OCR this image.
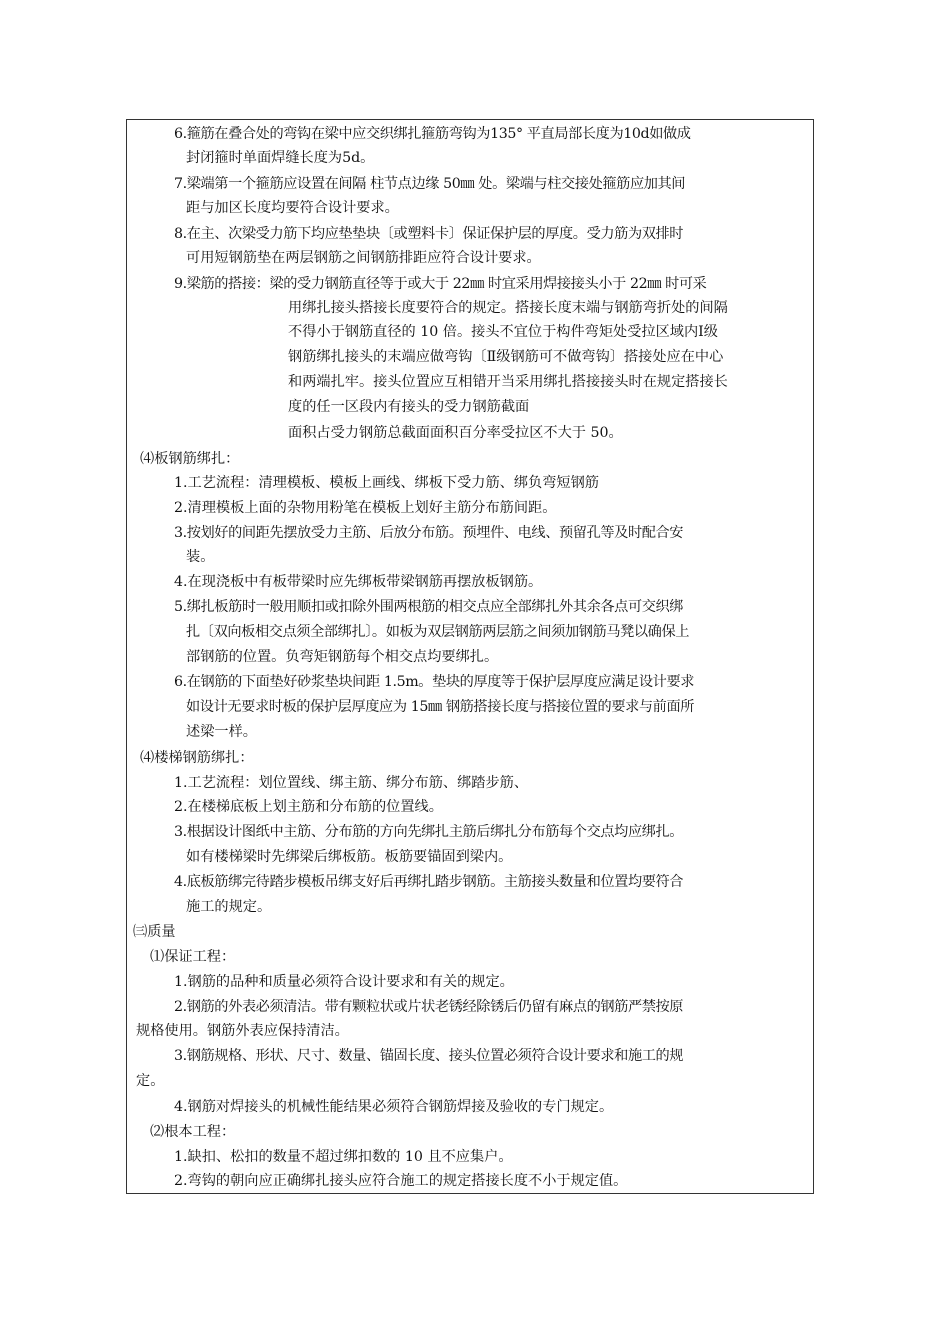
6.箍筋在叠合处的弯钩在梁中应交织绑扎箍筋弯钩为135° 平直局部长度为10d如做成
封闭箍时单面焊缝长度为5d。
7.梁端第一个箍筋应设置在间隔 柱节点边缘 50㎜ 处。梁端与柱交接处箍筋应加其间
距与加区长度均要符合设计要求。
8.在主、次梁受力筋下均应垫垫块〔或塑料卡〕保证保护层的厚度。受力筋为双排时
可用短钢筋垫在两层钢筋之间钢筋排距应符合设计要求。
9.梁筋的搭接：梁的受力钢筋直径等于或大于 22㎜ 时宜采用焊接接头小于 22㎜ 时可采
用绑扎接头搭接长度要符合的规定。搭接长度末端与钢筋弯折处的间隔
不得小于钢筋直径的 10 倍。接头不宜位于构件弯矩处受拉区域内Ⅰ级
钢筋绑扎接头的末端应做弯钩〔Ⅱ级钢筋可不做弯钩〕搭接处应在中心
和两端扎牢。接头位置应互相错开当采用绑扎搭接接头时在规定搭接长
度的任一区段内有接头的受力钢筋截面
面积占受力钢筋总截面面积百分率受拉区不大于 50。
⑷板钢筋绑扎：
1.工艺流程：清理模板、模板上画线、绑板下受力筋、绑负弯短钢筋
2.清理模板上面的杂物用粉笔在模板上划好主筋分布筋间距。
3.按划好的间距先摆放受力主筋、后放分布筋。预埋件、电线、预留孔等及时配合安
装。
4.在现浇板中有板带梁时应先绑板带梁钢筋再摆放板钢筋。
5.绑扎板筋时一般用顺扣或扣除外围两根筋的相交点应全部绑扎外其余各点可交织绑
扎〔双向板相交点须全部绑扎〕。如板为双层钢筋两层筋之间须加钢筋马凳以确保上
部钢筋的位置。负弯矩钢筋每个相交点均要绑扎。
6.在钢筋的下面垫好砂浆垫块间距 1.5m。垫块的厚度等于保护层厚度应满足设计要求
如设计无要求时板的保护层厚度应为 15㎜ 钢筋搭接长度与搭接位置的要求与前面所
述梁一样。
⑷楼梯钢筋绑扎：
1.工艺流程：划位置线、绑主筋、绑分布筋、绑踏步筋、
2.在楼梯底板上划主筋和分布筋的位置线。
3.根据设计图纸中主筋、分布筋的方向先绑扎主筋后绑扎分布筋每个交点均应绑扎。
如有楼梯梁时先绑梁后绑板筋。板筋要锚固到梁内。
4.底板筋绑完待踏步模板吊绑支好后再绑扎踏步钢筋。主筋接头数量和位置均要符合
施工的规定。
㈢质量
⑴保证工程：
1.钢筋的品种和质量必须符合设计要求和有关的规定。
2.钢筋的外表必须清洁。带有颗粒状或片状老锈经除锈后仍留有麻点的钢筋严禁按原
规格使用。钢筋外表应保持清洁。
3.钢筋规格、形状、尺寸、数量、锚固长度、接头位置必须符合设计要求和施工的规
定。
4.钢筋对焊接头的机械性能结果必须符合钢筋焊接及验收的专门规定。
⑵根本工程：
1.缺扣、松扣的数量不超过绑扣数的 10 且不应集户。
2.弯钩的朝向应正确绑扎接头应符合施工的规定搭接长度不小于规定值。
